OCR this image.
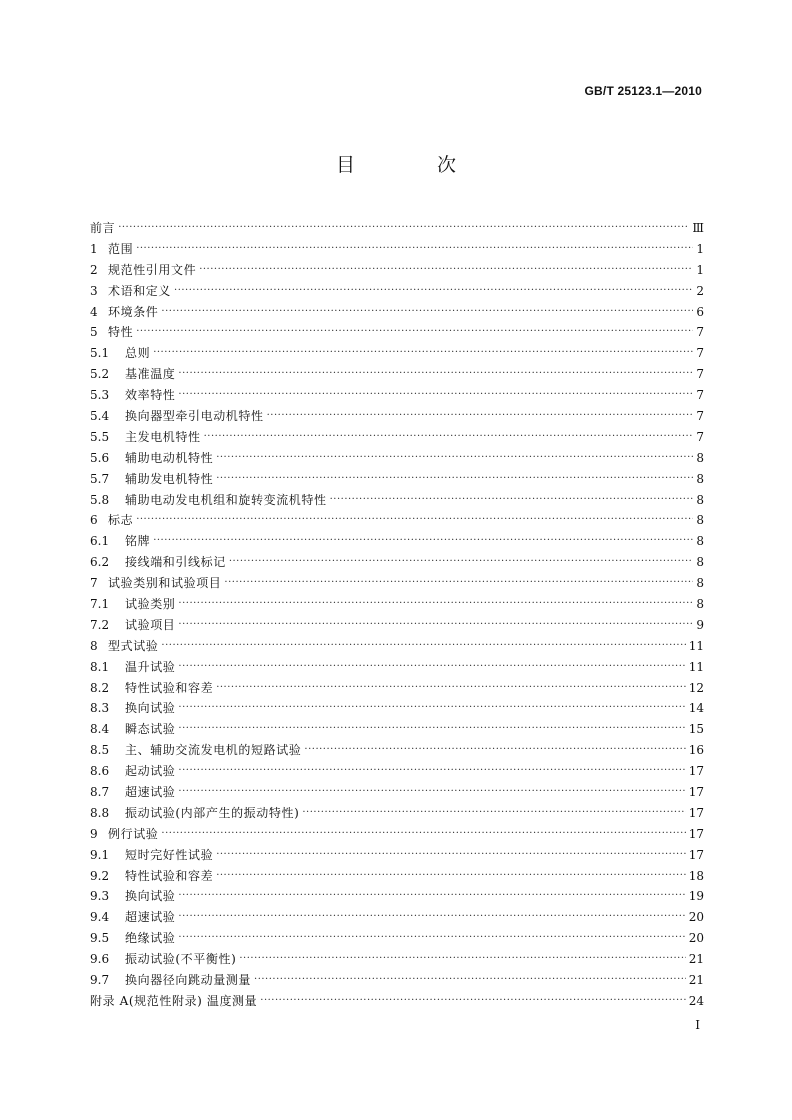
GB/T 25123.1—2010
目 次
前言 ·····	Ⅲ
1 范围 ·····	1
2 规范性引用文件 ·····	1
3 术语和定义 ·····	2
4 环境条件 ·····	6
5 特性 ·····	7
5.1	总则 ·····	7
5.2	基准温度 ·····	7
5.3	效率特性 ·····	7
5.4	换向器型牵引电动机特性 ·····	7
5.5	主发电机特性 ·····	7
5.6	辅助电动机特性 ·····	8
5.7	辅助发电机特性 ·····	8
5.8	辅助电动发电机组和旋转变流机特性 ·····	8
6 标志 ·····	8
6.1	铭牌 ·····	8
6.2	接线端和引线标记 ·····	8
7 试验类别和试验项目 ·····	8
7.1	试验类别 ·····	8
7.2	试验项目 ·····	9
8 型式试验 ·····	11
8.1	温升试验 ·····	11
8.2	特性试验和容差 ·····	12
8.3	换向试验 ·····	14
8.4	瞬态试验 ·····	15
8.5	主、辅助交流发电机的短路试验 ·····	16
8.6	起动试验 ·····	17
8.7	超速试验 ·····	17
8.8	振动试验(内部产生的振动特性) ·····	17
9 例行试验 ·····	17
9.1	短时完好性试验 ·····	17
9.2	特性试验和容差 ·····	18
9.3	换向试验 ·····	19
9.4	超速试验 ·····	20
9.5	绝缘试验 ·····	20
9.6	振动试验(不平衡性) ·····	21
9.7	换向器径向跳动量测量 ·····	21
附录 A(规范性附录) 温度测量 ·····	24
I
